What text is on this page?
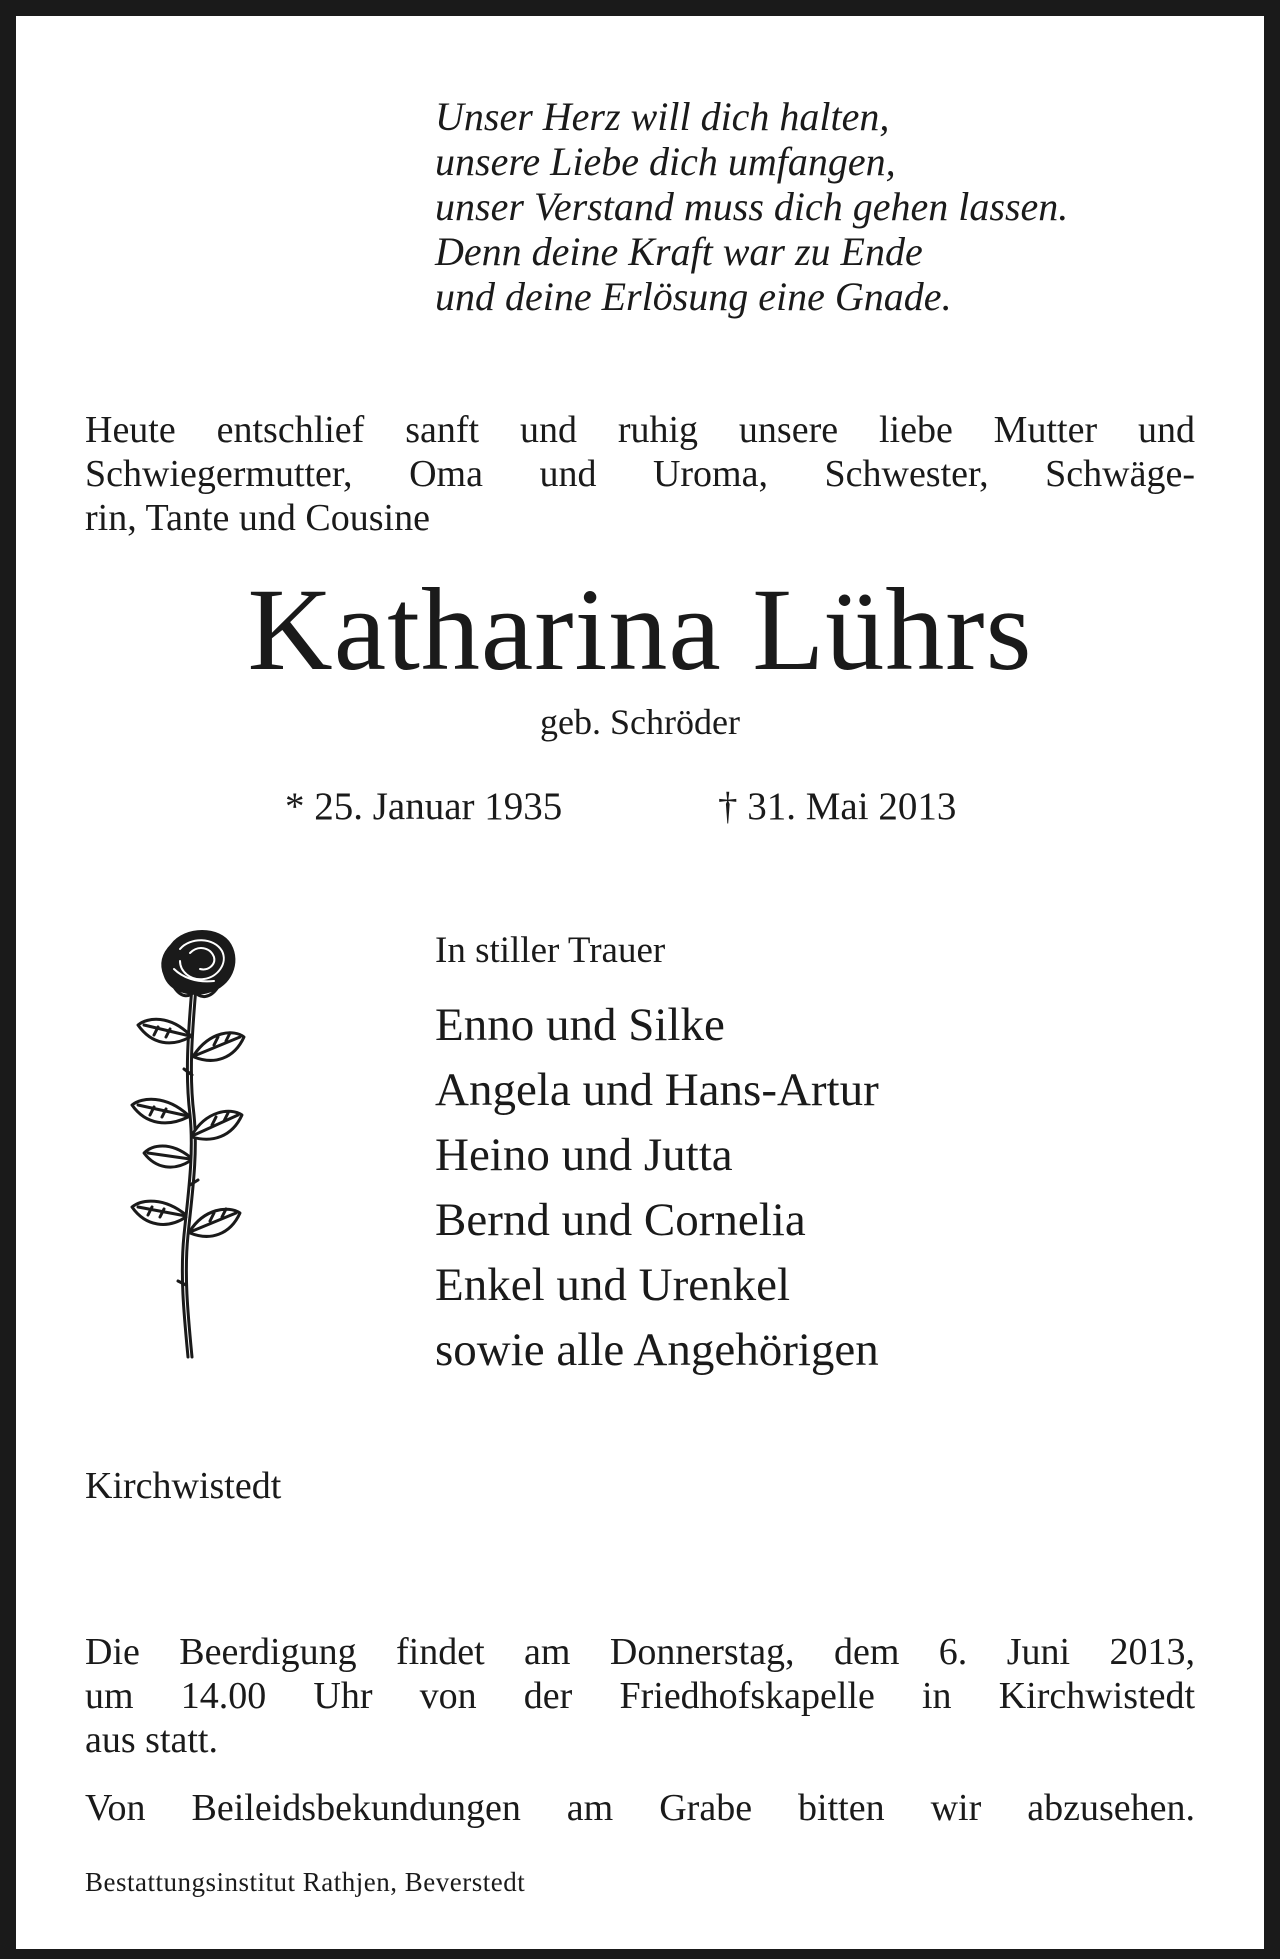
Unser Herz will dich halten,
unsere Liebe dich umfangen,
unser Verstand muss dich gehen lassen.
Denn deine Kraft war zu Ende
und deine Erlösung eine Gnade.
Heute entschlief sanft und ruhig unsere liebe Mutter und
Schwiegermutter, Oma und Uroma, Schwester, Schwäge-
rin, Tante und Cousine
Katharina Lührs
geb. Schröder
* 25. Januar 1935	† 31. Mai 2013
In stiller Trauer
Enno und Silke
Angela und Hans-Artur
Heino und Jutta
Bernd und Cornelia
Enkel und Urenkel
sowie alle Angehörigen
Kirchwistedt
Die Beerdigung findet am Donnerstag, dem 6. Juni 2013,
um 14.00 Uhr von der Friedhofskapelle in Kirchwistedt
aus statt.
Von Beileidsbekundungen am Grabe bitten wir abzusehen.
Bestattungsinstitut Rathjen, Beverstedt
